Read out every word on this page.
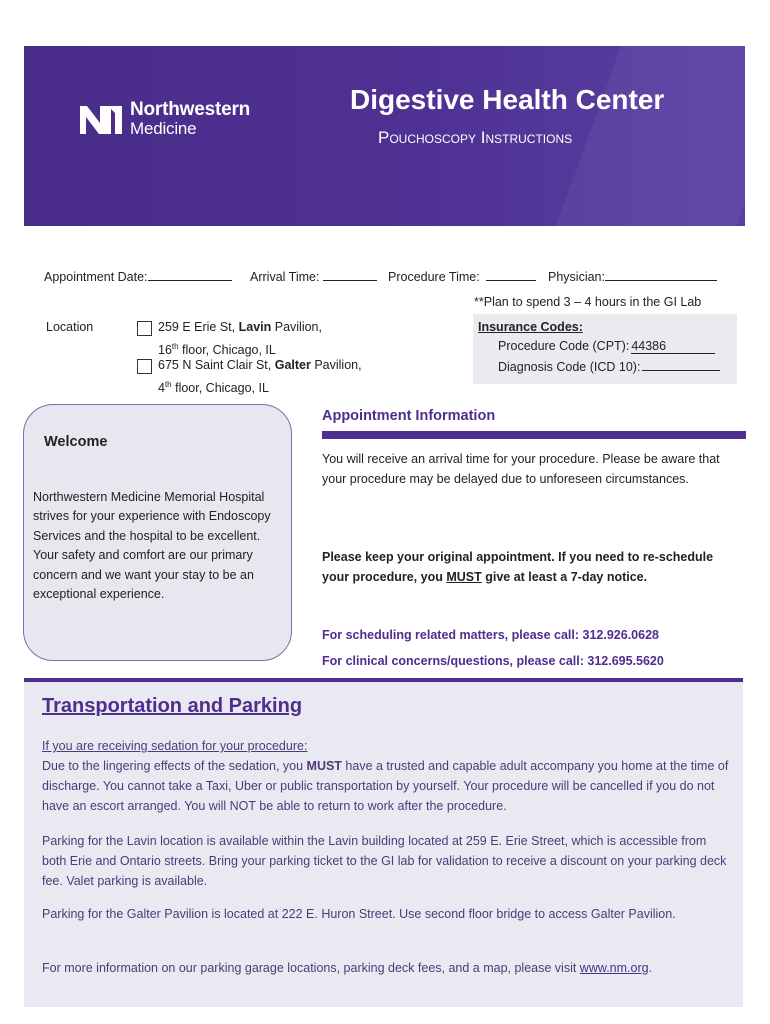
Northwestern
Medicine
Digestive Health Center
Pouchoscopy Instructions
Appointment Date:	Arrival Time:	Procedure Time:	Physician:
**Plan to spend 3 – 4 hours in the GI Lab
Location	259 E Erie St, Lavin Pavilion,
16th floor, Chicago, IL
675 N Saint Clair St, Galter Pavilion,
4th floor, Chicago, IL
Insurance Codes:
Procedure Code (CPT): 44386
Diagnosis Code (ICD 10):
Welcome
Northwestern Medicine Memorial Hospital strives for your experience with Endoscopy Services and the hospital to be excellent. Your safety and comfort are our primary concern and we want your stay to be an exceptional experience.
Appointment Information
You will receive an arrival time for your procedure. Please be aware that your procedure may be delayed due to unforeseen circumstances.
Please keep your original appointment. If you need to re-schedule your procedure, you MUST give at least a 7-day notice.
For scheduling related matters, please call: 312.926.0628
For clinical concerns/questions, please call: 312.695.5620
Transportation and Parking
If you are receiving sedation for your procedure:
Due to the lingering effects of the sedation, you MUST have a trusted and capable adult accompany you home at the time of discharge. You cannot take a Taxi, Uber or public transportation by yourself. Your procedure will be cancelled if you do not have an escort arranged. You will NOT be able to return to work after the procedure.
Parking for the Lavin location is available within the Lavin building located at 259 E. Erie Street, which is accessible from both Erie and Ontario streets. Bring your parking ticket to the GI lab for validation to receive a discount on your parking deck fee. Valet parking is available.
Parking for the Galter Pavilion is located at 222 E. Huron Street. Use second floor bridge to access Galter Pavilion.
For more information on our parking garage locations, parking deck fees, and a map, please visit www.nm.org.
